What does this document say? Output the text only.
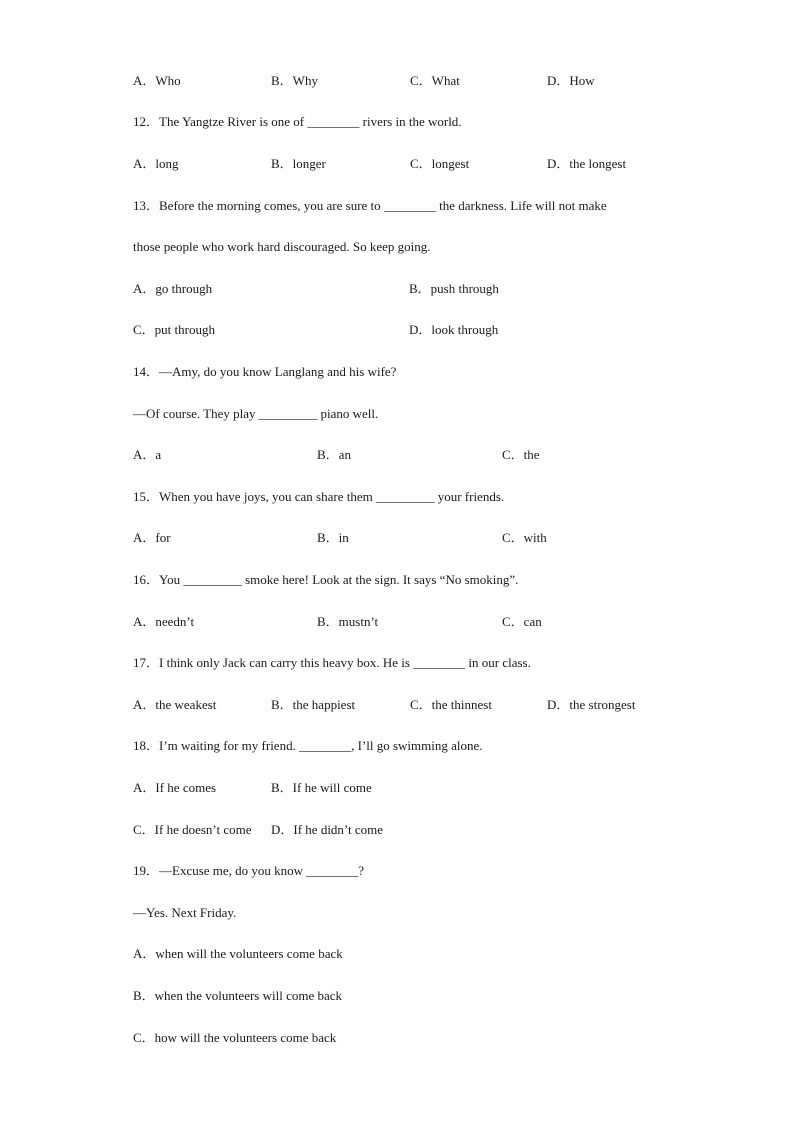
A．Who

	B．Why

	C．What

	D．How

12．The Yangtze River is one of ________ rivers in the world.

A．long

	B．longer

	C．longest

	D．the longest

13．Before the morning comes, you are sure to ________ the darkness. Life will not make
those people who work hard discouraged. So keep going.

A．go through

	B．push through

C．put through

	D．look through

14．—Amy, do you know Langlang and his wife?
—Of course. They play _________ piano well.

A．a

	B．an

	C．the

15．When you have joys, you can share them _________ your friends.

A．for

	B．in

	C．with

16．You _________ smoke here! Look at the sign. It says “No smoking”.

A．needn’t

	B．mustn’t

	C．can

17．I think only Jack can carry this heavy box. He is ________ in our class.

A．the weakest

	B．the happiest

	C．the thinnest

	D．the strongest

18．I’m waiting for my friend. ________, I’ll go swimming alone.

A．If he comes

	B．If he will come

C．If he doesn’t come

D．If he didn’t come

19．—Excuse me, do you know ________?
—Yes. Next Friday.
A．when will the volunteers come back
B．when the volunteers will come back
C．how will the volunteers come back
